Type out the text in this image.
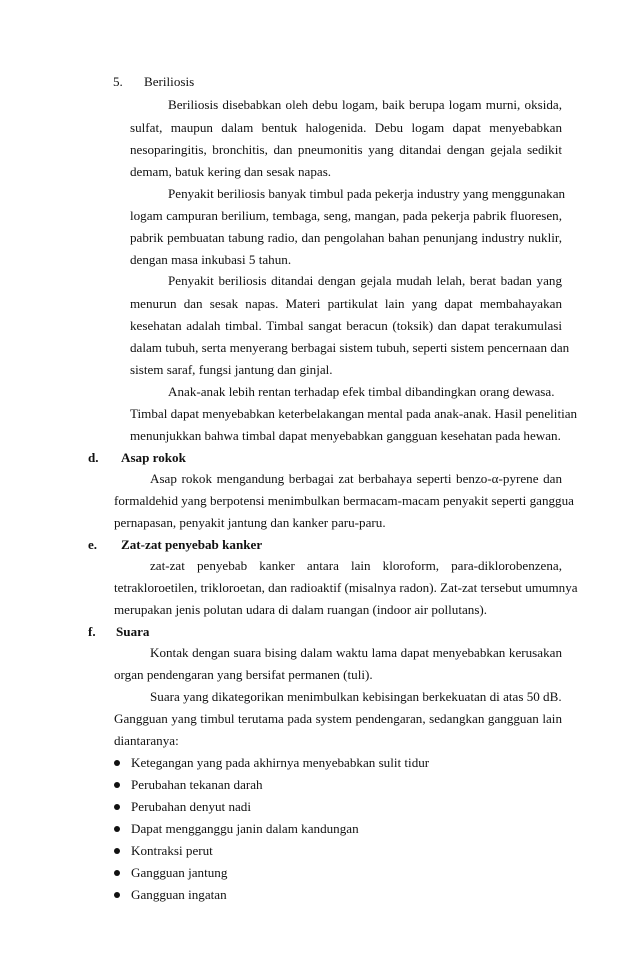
5. Beriliosis
Beriliosis disebabkan oleh debu logam, baik berupa logam murni, oksida,
sulfat, maupun dalam bentuk halogenida. Debu logam dapat menyebabkan
nesoparingitis, bronchitis, dan pneumonitis yang ditandai dengan gejala sedikit
demam, batuk kering dan sesak napas.
Penyakit beriliosis banyak timbul pada pekerja industry yang menggunakan
logam campuran berilium, tembaga, seng, mangan, pada pekerja pabrik fluoresen,
pabrik pembuatan tabung radio, dan pengolahan bahan penunjang industry nuklir,
dengan masa inkubasi 5 tahun.
Penyakit beriliosis ditandai dengan gejala mudah lelah, berat badan yang
menurun dan sesak napas. Materi partikulat lain yang dapat membahayakan
kesehatan adalah timbal. Timbal sangat beracun (toksik) dan dapat terakumulasi
dalam tubuh, serta menyerang berbagai sistem tubuh, seperti sistem pencernaan dan
sistem saraf, fungsi jantung dan ginjal.
Anak-anak lebih rentan terhadap efek timbal dibandingkan orang dewasa.
Timbal dapat menyebabkan keterbelakangan mental pada anak-anak. Hasil penelitian
menunjukkan bahwa timbal dapat menyebabkan gangguan kesehatan pada hewan.
d. Asap rokok
Asap rokok mengandung berbagai zat berbahaya seperti benzo-α-pyrene dan
formaldehid yang berpotensi menimbulkan bermacam-macam penyakit seperti ganggua
pernapasan, penyakit jantung dan kanker paru-paru.
e. Zat-zat penyebab kanker
zat-zat penyebab kanker antara lain kloroform, para-diklorobenzena,
tetrakloroetilen, trikloroetan, dan radioaktif (misalnya radon). Zat-zat tersebut umumnya
merupakan jenis polutan udara di dalam ruangan (indoor air pollutans).
f. Suara
Kontak dengan suara bising dalam waktu lama dapat menyebabkan kerusakan
organ pendengaran yang bersifat permanen (tuli).
Suara yang dikategorikan menimbulkan kebisingan berkekuatan di atas 50 dB.
Gangguan yang timbul terutama pada system pendengaran, sedangkan gangguan lain
diantaranya:
Ketegangan yang pada akhirnya menyebabkan sulit tidur
Perubahan tekanan darah
Perubahan denyut nadi
Dapat mengganggu janin dalam kandungan
Kontraksi perut
Gangguan jantung
Gangguan ingatan
